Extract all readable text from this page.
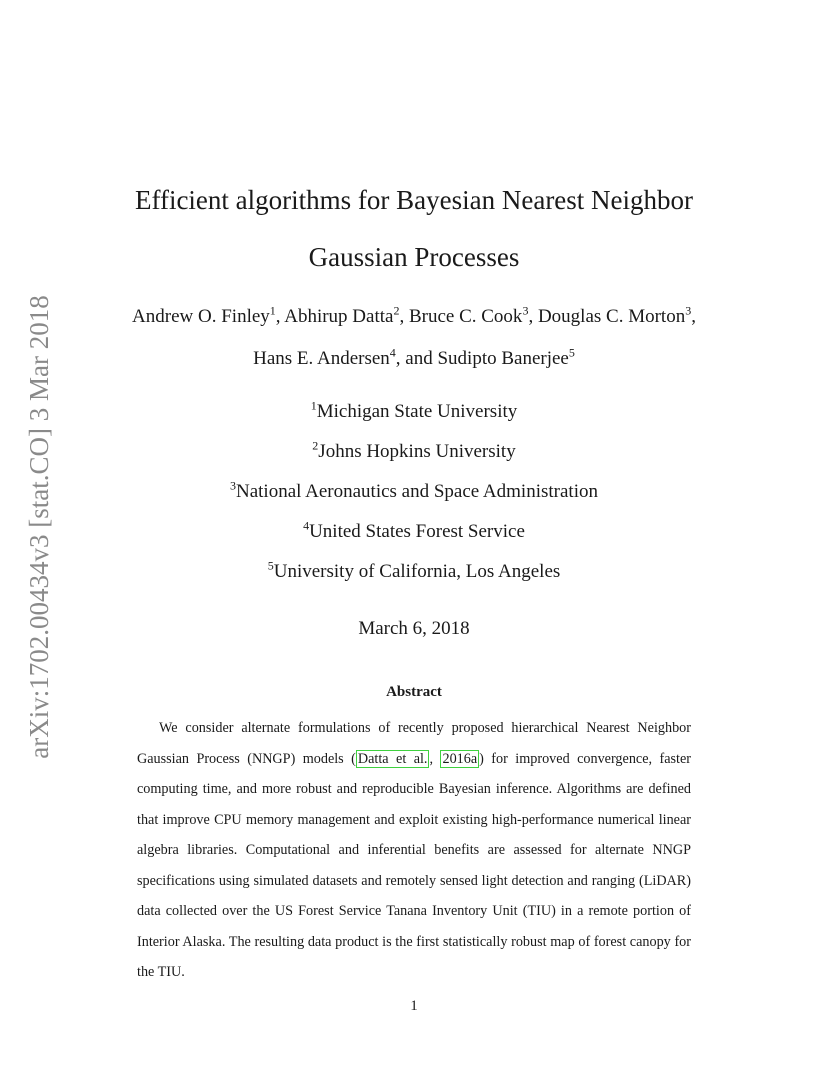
arXiv:1702.00434v3 [stat.CO] 3 Mar 2018
Efficient algorithms for Bayesian Nearest Neighbor
Gaussian Processes
Andrew O. Finley$^1$, Abhirup Datta$^2$, Bruce C. Cook$^3$, Douglas C. Morton$^3$,
Hans E. Andersen$^4$, and Sudipto Banerjee$^5$
$^1$Michigan State University
$^2$Johns Hopkins University
$^3$National Aeronautics and Space Administration
$^4$United States Forest Service
$^5$University of California, Los Angeles
March 6, 2018
Abstract
We consider alternate formulations of recently proposed hierarchical Nearest Neighbor Gaussian Process (NNGP) models ( Datta et al. , 2016a ) for improved convergence, faster computing time, and more robust and reproducible Bayesian inference. Algorithms are defined that improve CPU memory management and exploit existing high-performance numerical linear algebra libraries. Computational and inferential benefits are assessed for alternate NNGP specifications using simulated datasets and remotely sensed light detection and ranging (LiDAR) data collected over the US Forest Service Tanana Inventory Unit (TIU) in a remote portion of Interior Alaska. The resulting data product is the first statistically robust map of forest canopy for the TIU.
1
